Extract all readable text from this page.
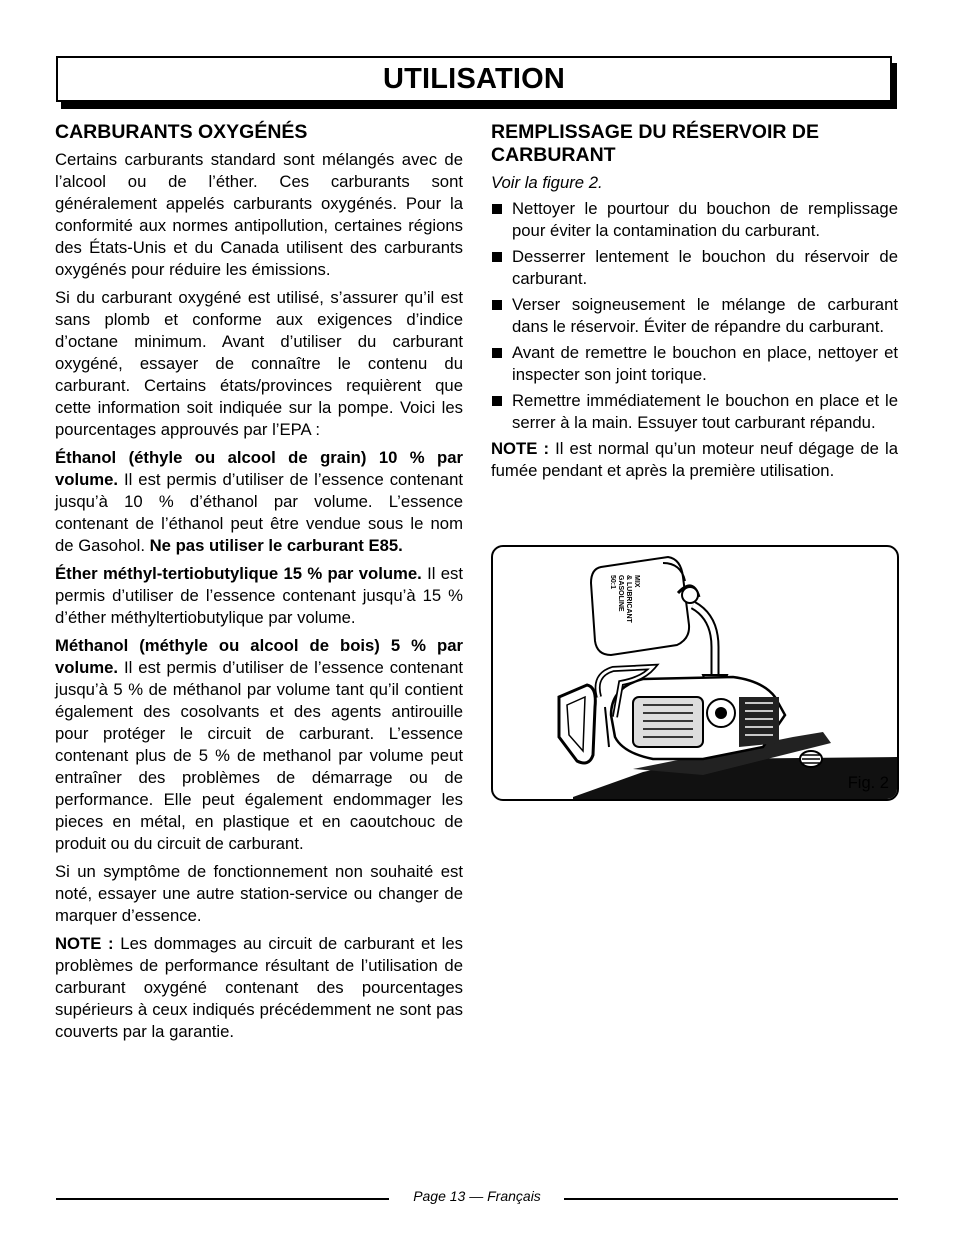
UTILISATION
CARBURANTS OXYGÉNÉS

Certains carburants standard sont mélangés avec de l’alcool ou de l’éther. Ces carburants sont généralement appelés carburants oxygénés. Pour la conformité aux normes antipollution, certaines régions des États-Unis et du Canada utilisent des carburants oxygénés pour réduire les émissions.

Si du carburant oxygéné est utilisé, s’assurer qu’il est sans plomb et conforme aux exigences d’indice d’octane minimum. Avant d’utiliser du carburant oxygéné, essayer de connaître le contenu du carburant. Certains états/provinces requièrent que cette information soit indiquée sur la pompe. Voici les pourcentages approuvés par l’EPA :

Éthanol (éthyle ou alcool de grain) 10 % par volume. Il est permis d’utiliser de l’essence contenant jusqu’à 10 % d’éthanol par volume. L’essence contenant de l’éthanol peut être vendue sous le nom de Gasohol. Ne pas utiliser le carburant E85.

Éther méthyl-tertiobutylique 15 % par volume. Il est permis d’utiliser de l’essence contenant jusqu’à 15 % d’éther méthyltertiobutylique par volume.

Méthanol (méthyle ou alcool de bois) 5 % par volume. Il est permis d’utiliser de l’essence contenant jusqu’à 5 % de méthanol par volume tant qu’il contient également des cosolvants et des agents antirouille pour protéger le circuit de carburant. L’essence contenant plus de 5 % de methanol par volume peut entraîner des problèmes de démarrage ou de performance. Elle peut également endommager les pieces en métal, en plastique et en caoutchouc de produit ou du circuit de carburant.

Si un symptôme de fonctionnement non souhaité est noté, essayer une autre station-service ou changer de marquer d’essence.

NOTE : Les dommages au circuit de carburant et les problèmes de performance résultant de l’utilisation de carburant oxygéné contenant des pourcentages supérieurs à ceux indiqués précédemment ne sont pas couverts par la garantie.

REMPLISSAGE DU RÉSERVOIR DE CARBURANT

Voir la figure 2.

Nettoyer le pourtour du bouchon de remplissage pour éviter la contamination du carburant.
Desserrer lentement le bouchon du réservoir de carburant.
Verser soigneusement le mélange de carburant dans le réservoir. Éviter de répandre du carburant.
Avant de remettre le bouchon en place, nettoyer et inspecter son joint torique.
Remettre immédiatement le bouchon en place et le serrer à la main. Essuyer tout carburant répandu.

NOTE : Il est normal qu’un moteur neuf dégage de la fumée pendant et après la première utilisation.

50:1 GASOLINE & LUBRICANT MIX
Fig. 2
Page 13 — Français
